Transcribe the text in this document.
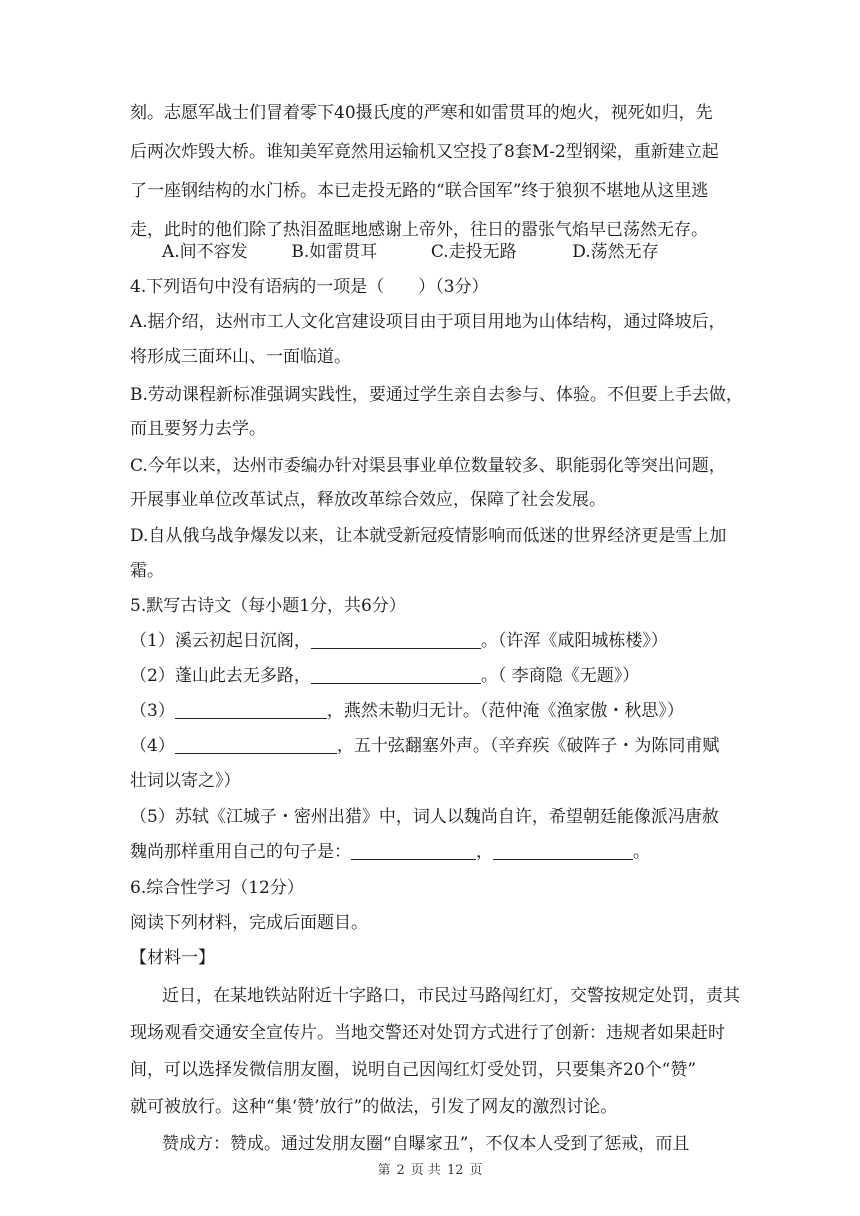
刻。志愿军战士们冒着零下40摄氏度的严寒和如雷贯耳的炮火，视死如归，先
后两次炸毁大桥。谁知美军竟然用运输机又空投了8套M-2型钢梁，重新建立起
了一座钢结构的水门桥。本已走投无路的“联合国军”终于狼狈不堪地从这里逃
走，此时的他们除了热泪盈眶地感谢上帝外，往日的嚣张气焰早已荡然无存。
A.间不容发	B.如雷贯耳	C.走投无路	D.荡然无存
4.下列语句中没有语病的一项是（　　）（3分）
A.据介绍，达州市工人文化宫建设项目由于项目用地为山体结构，通过降坡后，
将形成三面环山、一面临道。
B.劳动课程新标准强调实践性，要通过学生亲自去参与、体验。不但要上手去做，
而且要努力去学。
C.今年以来，达州市委编办针对渠县事业单位数量较多、职能弱化等突出问题，
开展事业单位改革试点，释放改革综合效应，保障了社会发展。
D.自从俄乌战争爆发以来，让本就受新冠疫情影响而低迷的世界经济更是雪上加
霜。
5.默写古诗文（每小题1分，共6分）
（1）溪云初起日沉阁，	。（许浑《咸阳城栋楼》）
（2）蓬山此去无多路，	。（ 李商隐《无题》）
（3）	，燕然未勒归无计。（范仲淹《渔家傲・秋思》）
（4）	，五十弦翻塞外声。（辛弃疾《破阵子・为陈同甫赋
壮词以寄之》）
（5）苏轼《江城子・密州出猎》中，词人以魏尚自许，希望朝廷能像派冯唐赦
魏尚那样重用自己的句子是：	，	。
6.综合性学习（12分）
阅读下列材料，完成后面题目。
【材料一】
近日，在某地铁站附近十字路口，市民过马路闯红灯，交警按规定处罚，责其
现场观看交通安全宣传片。当地交警还对处罚方式进行了创新：违规者如果赶时
间，可以选择发微信朋友圈，说明自己因闯红灯受处罚，只要集齐20个“赞”
就可被放行。这种“集‘赞’放行”的做法，引发了网友的激烈讨论。
第 2 页 共 12 页
赞成方：赞成。通过发朋友圈“自曝家丑”，不仅本人受到了惩戒，而且
